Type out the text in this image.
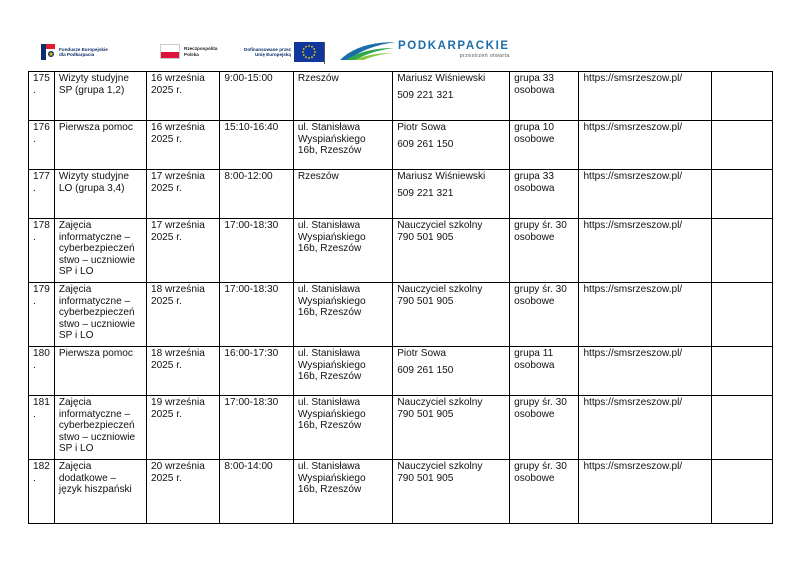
Fundusze Europejskie
dla Podkarpacia
Rzeczpospolita
Polska
Dofinansowane przez
Unię Europejską
PODKARPACKIE
przestrzeń otwarta
175.	Wizyty studyjne
SP (grupa 1,2)	16 września
2025 r.	9:00-15:00	Rzeszów	Mariusz Wiśniewski
509 221 321	grupa 33
osobowa	https://smsrzeszow.pl/	

176.	Pierwsza pomoc	16 września
2025 r.	15:10-16:40	ul. Stanisława
Wyspiańskiego
16b, Rzeszów	Piotr Sowa
609 261 150	grupa 10
osobowe	https://smsrzeszow.pl/	

177.	Wizyty studyjne
LO (grupa 3,4)	17 września
2025 r.	8:00-12:00	Rzeszów	Mariusz Wiśniewski
509 221 321	grupa 33
osobowa	https://smsrzeszow.pl/	

178.	Zajęcia
informatyczne –
cyberbezpieczeń
stwo – uczniowie
SP i LO	17 września
2025 r.	17:00-18:30	ul. Stanisława
Wyspiańskiego
16b, Rzeszów	Nauczyciel szkolny
790 501 905	grupy śr. 30
osobowe	https://smsrzeszow.pl/	

179.	Zajęcia
informatyczne –
cyberbezpieczeń
stwo – uczniowie
SP i LO	18 września
2025 r.	17:00-18:30	ul. Stanisława
Wyspiańskiego
16b, Rzeszów	Nauczyciel szkolny
790 501 905	grupy śr. 30
osobowe	https://smsrzeszow.pl/	

180.	Pierwsza pomoc	18 września
2025 r.	16:00-17:30	ul. Stanisława
Wyspiańskiego
16b, Rzeszów	Piotr Sowa
609 261 150	grupa 11
osobowa	https://smsrzeszow.pl/	

181.	Zajęcia
informatyczne –
cyberbezpieczeń
stwo – uczniowie
SP i LO	19 września
2025 r.	17:00-18:30	ul. Stanisława
Wyspiańskiego
16b, Rzeszów	Nauczyciel szkolny
790 501 905	grupy śr. 30
osobowe	https://smsrzeszow.pl/	

182.	Zajęcia
dodatkowe –
język hiszpański	20 września
2025 r.	8:00-14:00	ul. Stanisława
Wyspiańskiego
16b, Rzeszów	Nauczyciel szkolny
790 501 905	grupy śr. 30
osobowe	https://smsrzeszow.pl/	
